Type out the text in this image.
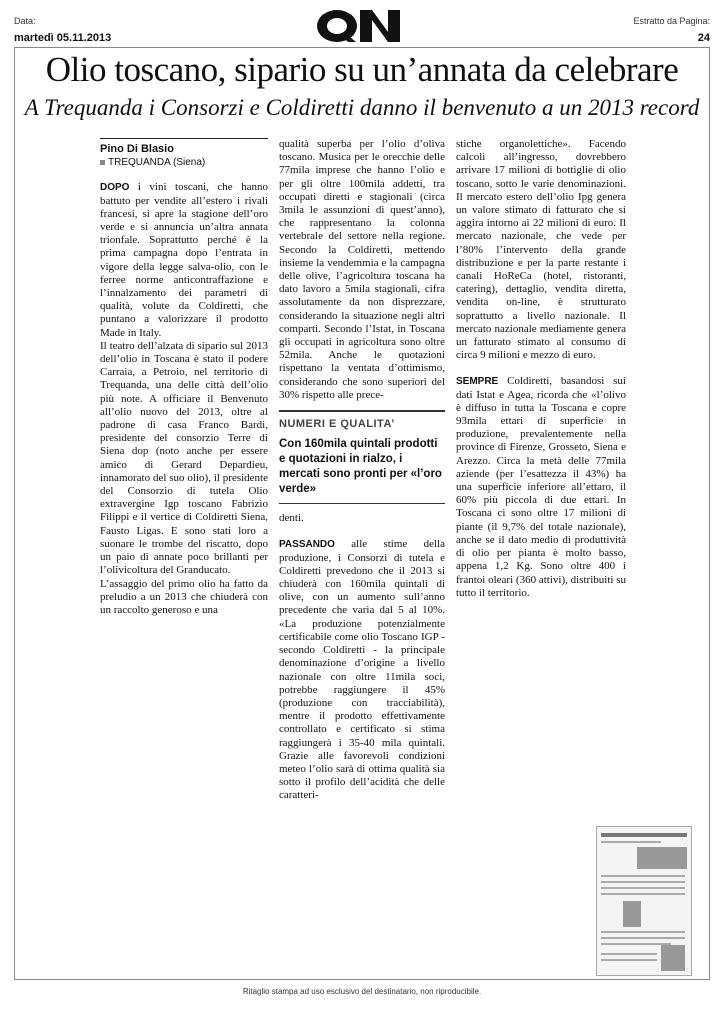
Data:
martedì 05.11.2013
Estratto da Pagina:
24
Olio toscano, sipario su un’annata da celebrare
A Trequanda i Consorzi e Coldiretti danno il benvenuto a un 2013 record
Pino Di Blasio
TREQUANDA (Siena)

DOPO i vini toscani, che hanno battuto per vendite all’estero i rivali francesi, si apre la stagione dell’oro verde e si annuncia un’altra annata trionfale. Soprattutto perché è la prima campagna dopo l’entrata in vigore della legge salva-olio, con le ferree norme anticontraffazione e l’innalzamento dei parametri di qualità, volute da Coldiretti, che puntano a valorizzare il prodotto Made in Italy.

Il teatro dell’alzata di sipario sul 2013 dell’olio in Toscana è stato il podere Carraia, a Petroio, nel territorio di Trequanda, una delle città dell’olio più note. A officiare il Benvenuto all’olio nuovo del 2013, oltre al padrone di casa Franco Bardi, presidente del consorzio Terre di Siena dop (noto anche per essere amico di Gerard Depardieu, innamorato del suo olio), il presidente del Consorzio di tutela Olio extravergine Igp toscano Fabrizio Filippi e il vertice di Coldiretti Siena, Fausto Ligas. E sono stati loro a suonare le trombe del riscatto, dopo un paio di annate poco brillanti per l’olivicoltura del Granducato.

L’assaggio del primo olio ha fatto da preludio a un 2013 che chiuderà con un raccolto generoso e una

qualità superba per l’olio d’oliva toscano. Musica per le orecchie delle 77mila imprese che hanno l’olio e per gli oltre 100mila addetti, tra occupati diretti e stagionali (circa 3mila le assunzioni di quest’anno), che rappresentano la colonna vertebrale del settore nella regione. Secondo la Coldiretti, mettendo insieme la vendemmia e la campagna delle olive, l’agricoltura toscana ha dato lavoro a 5mila stagionali, cifra assolutamente da non disprezzare, considerando la situazione negli altri comparti. Secondo l’Istat, in Toscana gli occupati in agricoltura sono oltre 52mila. Anche le quotazioni rispettano la ventata d’ottimismo, considerando che sono superiori del 30% rispetto alle prece-

NUMERI E QUALITA’
Con 160mila quintali prodotti e quotazioni in rialzo, i mercati sono pronti per «l’oro verde»

denti.

PASSANDO alle stime della produzione, i Consorzi di tutela e Coldiretti prevedono che il 2013 si chiuderà con 160mila quintali di olive, con un aumento sull’anno precedente che varia dal 5 al 10%. «La produzione potenzialmente certificabile come olio Toscano IGP - secondo Coldiretti - la principale denominazione d’origine a livello nazionale con oltre 11mila soci, potrebbe raggiungere il 45% (produzione con tracciabilità), mentre il prodotto effettivamente controllato e certificato si stima raggiungerà i 35-40 mila quintali. Grazie alle favorevoli condizioni meteo l’olio sarà di ottima qualità sia sotto il profilo dell’acidità che delle caratteri-

stiche organolettiche». Facendo calcoli all’ingresso, dovrebbero arrivare 17 milioni di bottiglie di olio toscano, sotto le varie denominazioni. Il mercato estero dell’olio Ipg genera un valore stimato di fatturato che si aggira intorno ai 22 milioni di euro. Il mercato nazionale, che vede per l’80% l’intervento della grande distribuzione e per la parte restante i canali HoReCa (hotel, ristoranti, catering), dettaglio, vendita diretta, vendita on-line, è strutturato soprattutto a livello nazionale. Il mercato nazionale mediamente genera un fatturato stimato al consumo di circa 9 milioni e mezzo di euro.

SEMPRE Coldiretti, basandosi sui dati Istat e Agea, ricorda che «l’olivo è diffuso in tutta la Toscana e copre 93mila ettari di superficie in produzione, prevalentemente nella province di Firenze, Grosseto, Siena e Arezzo. Circa la metà delle 77mila aziende (per l’esattezza il 43%) ha una superficie inferiore all’ettaro, il 60% più piccola di due ettari. In Toscana ci sono oltre 17 milioni di piante (il 9,7% del totale nazionale), anche se il dato medio di produttività di olio per pianta è molto basso, appena 1,2 Kg. Sono oltre 400 i frantoi oleari (360 attivi), distribuiti su tutto il territorio.

Ritaglio stampa ad uso esclusivo del destinatario, non riproducibile.
